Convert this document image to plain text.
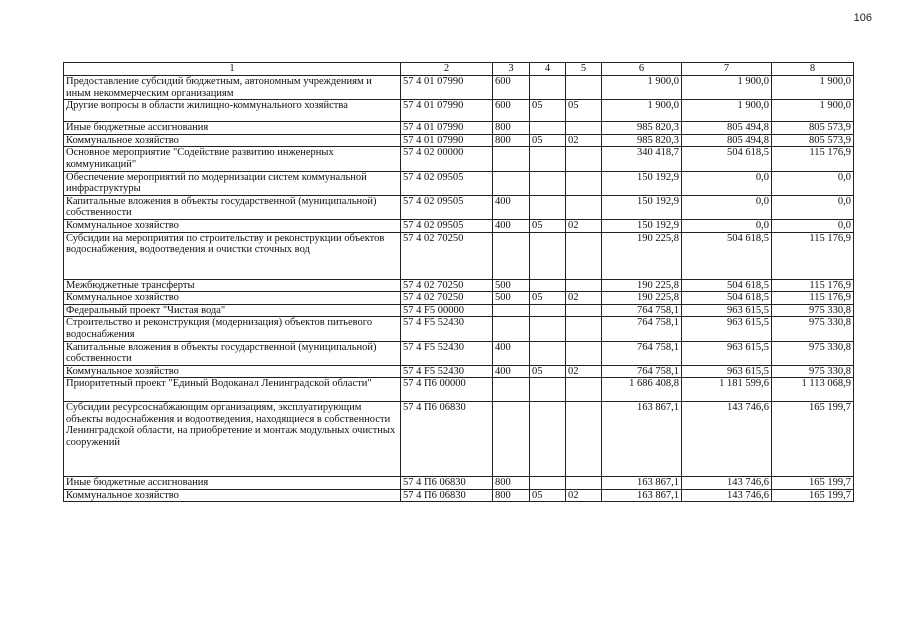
106
1	2	3	4	5	6	7	8
Предоставление субсидий бюджетным, автономным учреждениям и иным некоммерческим организациям	57 4 01 07990	600			1 900,0	1 900,0	1 900,0
Другие вопросы в области жилищно-коммунального хозяйства	57 4 01 07990	600	05	05	1 900,0	1 900,0	1 900,0
Иные бюджетные ассигнования	57 4 01 07990	800			985 820,3	805 494,8	805 573,9
Коммунальное хозяйство	57 4 01 07990	800	05	02	985 820,3	805 494,8	805 573,9
Основное мероприятие "Содействие развитию инженерных коммуникаций"	57 4 02 00000				340 418,7	504 618,5	115 176,9
Обеспечение мероприятий по модернизации систем коммунальной инфраструктуры	57 4 02 09505				150 192,9	0,0	0,0
Капитальные вложения в объекты государственной (муниципальной) собственности	57 4 02 09505	400			150 192,9	0,0	0,0
Коммунальное хозяйство	57 4 02 09505	400	05	02	150 192,9	0,0	0,0
Субсидии на мероприятия по строительству и реконструкции объектов водоснабжения, водоотведения и очистки сточных вод	57 4 02 70250				190 225,8	504 618,5	115 176,9
Межбюджетные трансферты	57 4 02 70250	500			190 225,8	504 618,5	115 176,9
Коммунальное хозяйство	57 4 02 70250	500	05	02	190 225,8	504 618,5	115 176,9
Федеральный проект "Чистая вода"	57 4 F5 00000				764 758,1	963 615,5	975 330,8
Строительство и реконструкция (модернизация) объектов питьевого водоснабжения	57 4 F5 52430				764 758,1	963 615,5	975 330,8
Капитальные вложения в объекты государственной (муниципальной) собственности	57 4 F5 52430	400			764 758,1	963 615,5	975 330,8
Коммунальное хозяйство	57 4 F5 52430	400	05	02	764 758,1	963 615,5	975 330,8
Приоритетный проект "Единый Водоканал Ленинградской области"	57 4 П6 00000				1 686 408,8	1 181 599,6	1 113 068,9
Субсидии ресурсоснабжающим организациям, эксплуатирующим объекты водоснабжения и водоотведения, находящиеся в собственности Ленинградской области, на приобретение и монтаж модульных очистных сооружений	57 4 П6 06830				163 867,1	143 746,6	165 199,7
Иные бюджетные ассигнования	57 4 П6 06830	800			163 867,1	143 746,6	165 199,7
Коммунальное хозяйство	57 4 П6 06830	800	05	02	163 867,1	143 746,6	165 199,7
